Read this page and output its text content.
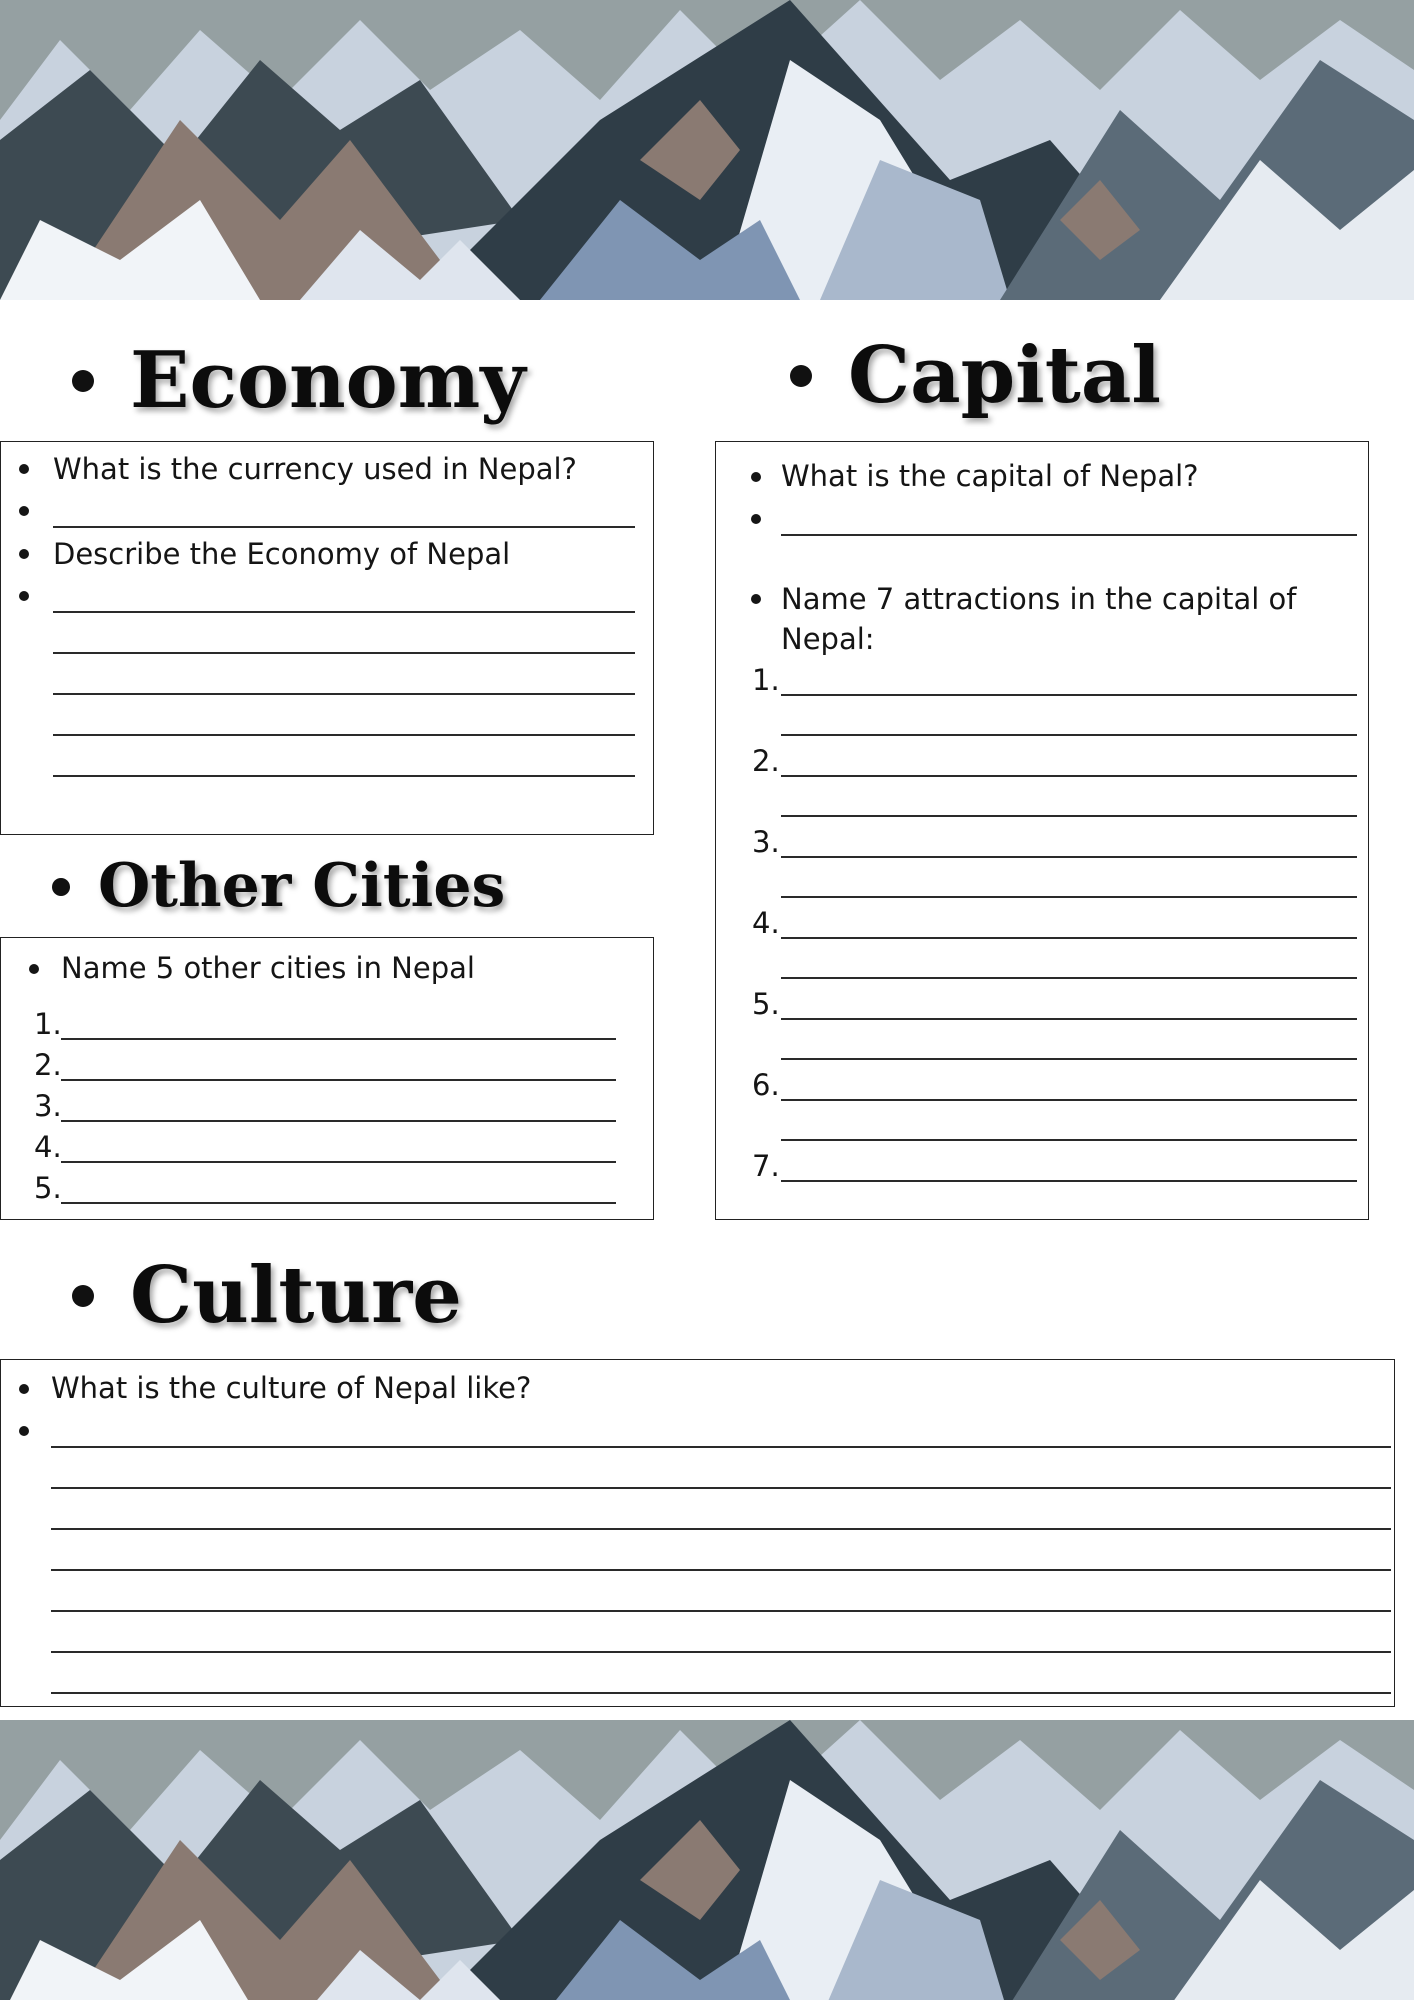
Economy	Capital
What is the currency used in Nepal?
Describe the Economy of Nepal
What is the capital of Nepal?
Name 7 attractions in the capital of
Nepal:
1.
2.
3.
4.
5.
6.
7.
Other Cities
Name 5 other cities in Nepal
1.
2.
3.
4.
5.
Culture
What is the culture of Nepal like?
